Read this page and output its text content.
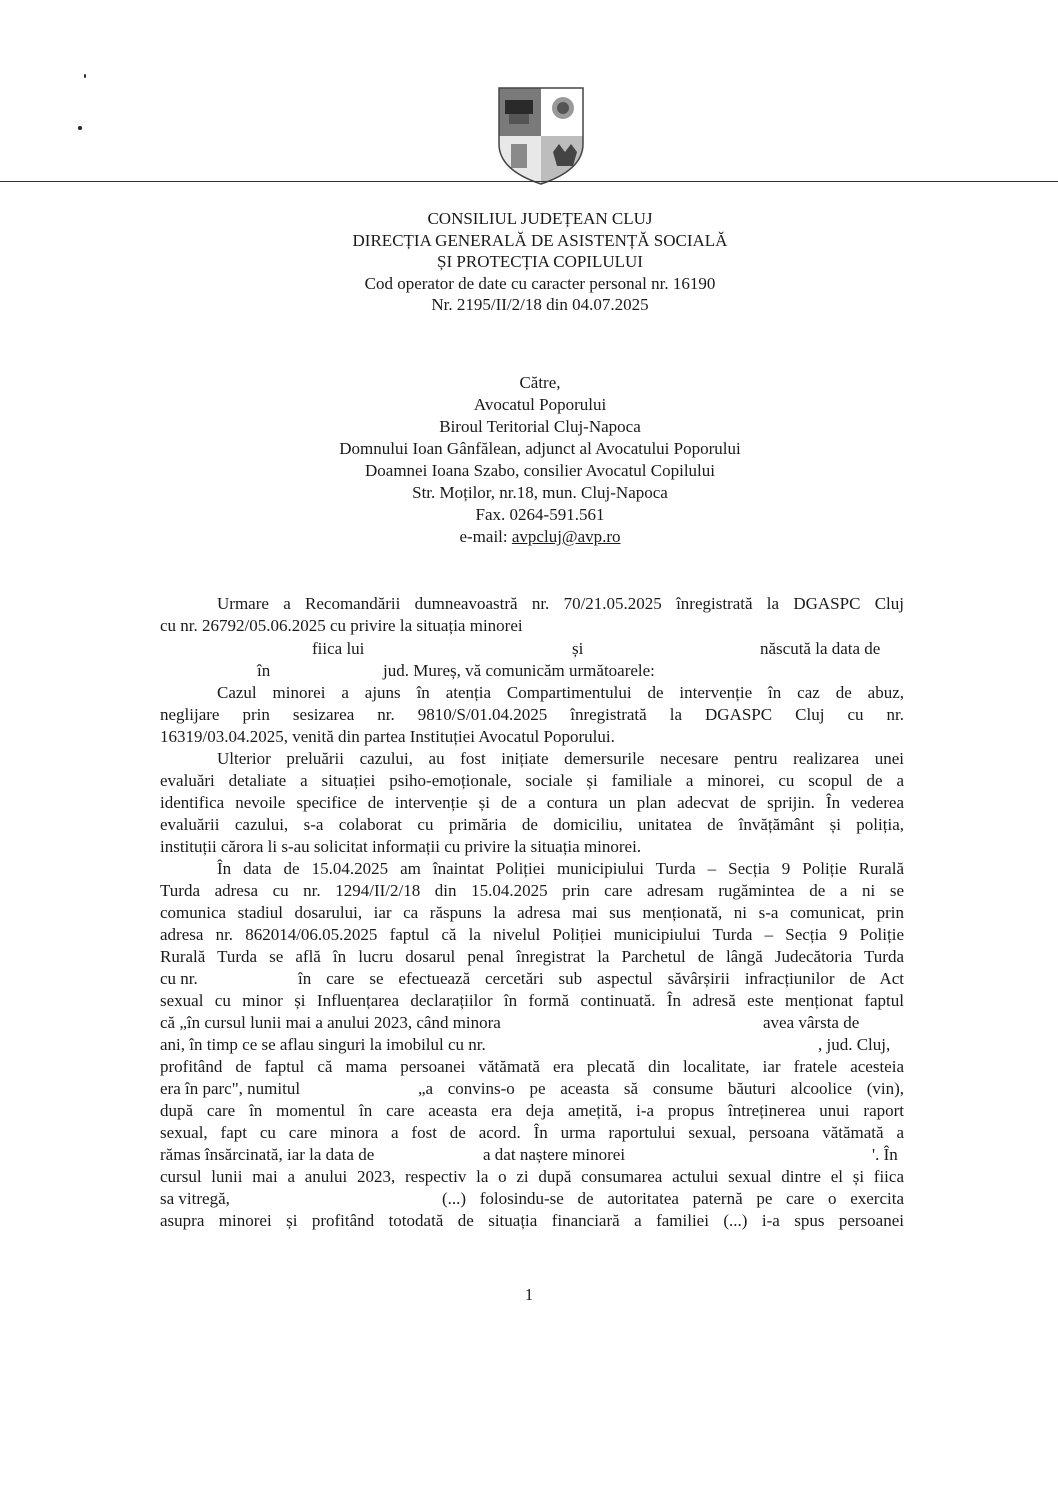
CONSILIUL JUDEȚEAN CLUJ
DIRECȚIA GENERALĂ DE ASISTENȚĂ SOCIALĂ
ȘI PROTECȚIA COPILULUI
Cod operator de date cu caracter personal nr. 16190
Nr. 2195/II/2/18 din 04.07.2025
Către,
Avocatul Poporului
Biroul Teritorial Cluj-Napoca
Domnului Ioan Gânfălean, adjunct al Avocatului Poporului
Doamnei Ioana Szabo, consilier Avocatul Copilului
Str. Moților, nr.18, mun. Cluj-Napoca
Fax. 0264-591.561
e-mail: avpcluj@avp.ro
Urmare a Recomandării dumneavoastră nr. 70/21.05.2025 înregistrată la DGASPC Cluj
cu nr. 26792/05.06.2025 cu privire la situația minorei
fiica lui	și	născută la data de
în	jud. Mureș, vă comunicăm următoarele:
Cazul minorei a ajuns în atenția Compartimentului de intervenție în caz de abuz,
neglijare prin sesizarea nr. 9810/S/01.04.2025 înregistrată la DGASPC Cluj cu nr.
16319/03.04.2025, venită din partea Instituției Avocatul Poporului.
Ulterior preluării cazului, au fost inițiate demersurile necesare pentru realizarea unei
evaluări detaliate a situației psiho-emoționale, sociale și familiale a minorei, cu scopul de a
identifica nevoile specifice de intervenție și de a contura un plan adecvat de sprijin. În vederea
evaluării cazului, s-a colaborat cu primăria de domiciliu, unitatea de învățământ și poliția,
instituții cărora li s-au solicitat informații cu privire la situația minorei.
În data de 15.04.2025 am înaintat Poliției municipiului Turda – Secția 9 Poliție Rurală
Turda adresa cu nr. 1294/II/2/18 din 15.04.2025 prin care adresam rugămintea de a ni se
comunica stadiul dosarului, iar ca răspuns la adresa mai sus menționată, ni s-a comunicat, prin
adresa nr. 862014/06.05.2025 faptul că la nivelul Poliției municipiului Turda – Secția 9 Poliție
Rurală Turda se află în lucru dosarul penal înregistrat la Parchetul de lângă Judecătoria Turda
cu nr.	în care se efectuează cercetări sub aspectul săvârșirii infracțiunilor de Act
sexual cu minor și Influențarea declarațiilor în formă continuată. În adresă este menționat faptul
că „în cursul lunii mai a anului 2023, când minora	avea vârsta de
ani, în timp ce se aflau singuri la imobilul cu nr.	, jud. Cluj,
profitând de faptul că mama persoanei vătămată era plecată din localitate, iar fratele acesteia
era în parc", numitul	„a convins-o pe aceasta să consume băuturi alcoolice (vin),
după care în momentul în care aceasta era deja amețită, i-a propus întreținerea unui raport
sexual, fapt cu care minora a fost de acord. În urma raportului sexual, persoana vătămată a
rămas însărcinată, iar la data de	a dat naștere minorei	'. În
cursul lunii mai a anului 2023, respectiv la o zi după consumarea actului sexual dintre el și fiica
sa vitregă,	(...) folosindu-se de autoritatea paternă pe care o exercita
asupra minorei și profitând totodată de situația financiară a familiei (...) i-a spus persoanei
1
